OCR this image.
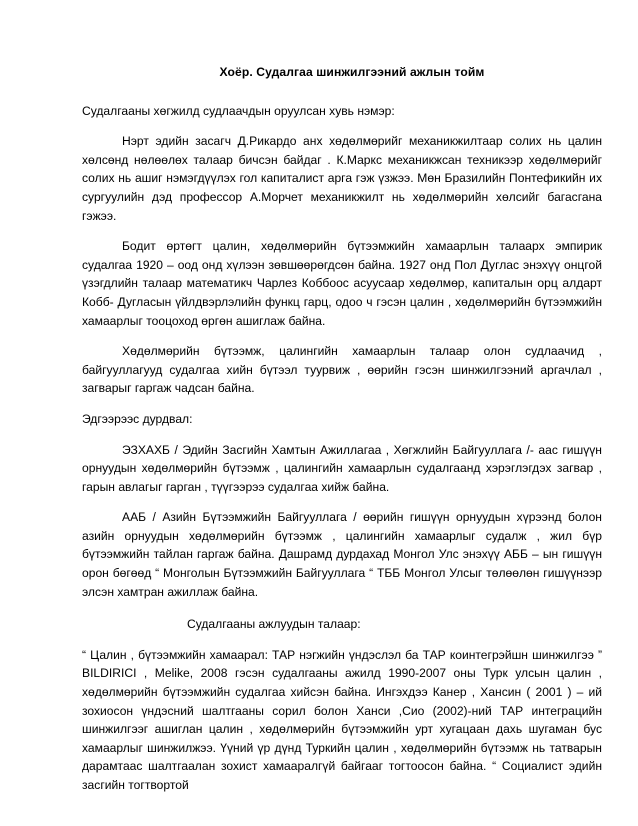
Хоёр. Судалгаа шинжилгээний ажлын тойм

Судалгааны хөгжилд судлаачдын оруулсан хувь нэмэр:

Нэрт эдийн засагч Д.Рикардо анх хөдөлмөрийг механикжилтаар солих нь цалин хөлсөнд нөлөөлөх талаар бичсэн байдаг . К.Маркс механикжсан техникээр хөдөлмөрийг солих нь ашиг нэмэгдүүлэх гол капиталист арга гэж үзжээ. Мөн Бразилийн Понтефикийн их сургуулийн дэд профессор А.Морчет механикжилт нь хөдөлмөрийн хөлсийг багасгана гэжээ.

Бодит өртөгт цалин, хөдөлмөрийн бүтээмжийн хамаарлын талаарх эмпирик судалгаа 1920 – оод онд хүлээн зөвшөөрөгдсөн байна. 1927 онд Пол Дуглас энэхүү онцгой үзэгдлийн талаар математикч Чарлез Коббоос асуусаар хөдөлмөр, капиталын орц алдарт Кобб- Дугласын үйлдвэрлэлийн функц гарц, одоо ч гэсэн цалин , хөдөлмөрийн бүтээмжийн хамаарлыг тооцоход өргөн ашиглаж байна.

Хөдөлмөрийн бүтээмж, цалингийн хамаарлын талаар олон судлаачид , байгууллагууд судалгаа хийн бүтээл туурвиж , өөрийн гэсэн шинжилгээний аргачлал , загварыг гаргаж чадсан байна.

Эдгээрээс дурдвал:

ЭЗХАХБ / Эдийн Засгийн Хамтын Ажиллагаа , Хөгжлийн Байгууллага /- аас гишүүн орнуудын хөдөлмөрийн бүтээмж , цалингийн хамаарлын судалгаанд хэрэглэгдэх загвар , гарын авлагыг гарган , түүгээрээ судалгаа хийж байна.

ААБ / Азийн Бүтээмжийн Байгууллага / өөрийн гишүүн орнуудын хүрээнд болон азийн орнуудын хөдөлмөрийн бүтээмж , цалингийн хамаарлыг судалж , жил бүр бүтээмжийн тайлан гаргаж байна. Дашрамд дурдахад Монгол Улс энэхүү АББ – ын гишүүн орон бөгөөд “ Монголын Бүтээмжийн Байгууллага “ ТББ Монгол Улсыг төлөөлөн гишүүнээр элсэн хамтран ажиллаж байна.

Судалгааны ажлуудын талаар:

“ Цалин , бүтээмжийн хамаарал: ТАР нэгжийн үндэслэл ба ТАР коинтегрэйшн шинжилгээ ” BILDIRICI , Melike, 2008 гэсэн судалгааны ажилд 1990-2007 оны Турк улсын цалин , хөдөлмөрийн бүтээмжийн судалгаа хийсэн байна. Ингэхдээ Канер , Хансин ( 2001 ) – ий зохиосон үндэсний шалтгааны сорил болон Ханси ,Сио (2002)-ний ТАР интеграцийн шинжилгээг ашиглан цалин , хөдөлмөрийн бүтээмжийн урт хугацаан дахь шугаман бус хамаарлыг шинжилжээ. Үүний үр дүнд Туркийн цалин , хөдөлмөрийн бүтээмж нь татварын дарамтаас шалтгаалан зохист хамааралгүй байгааг тогтоосон байна. “ Социалист эдийн засгийн тогтвортой
